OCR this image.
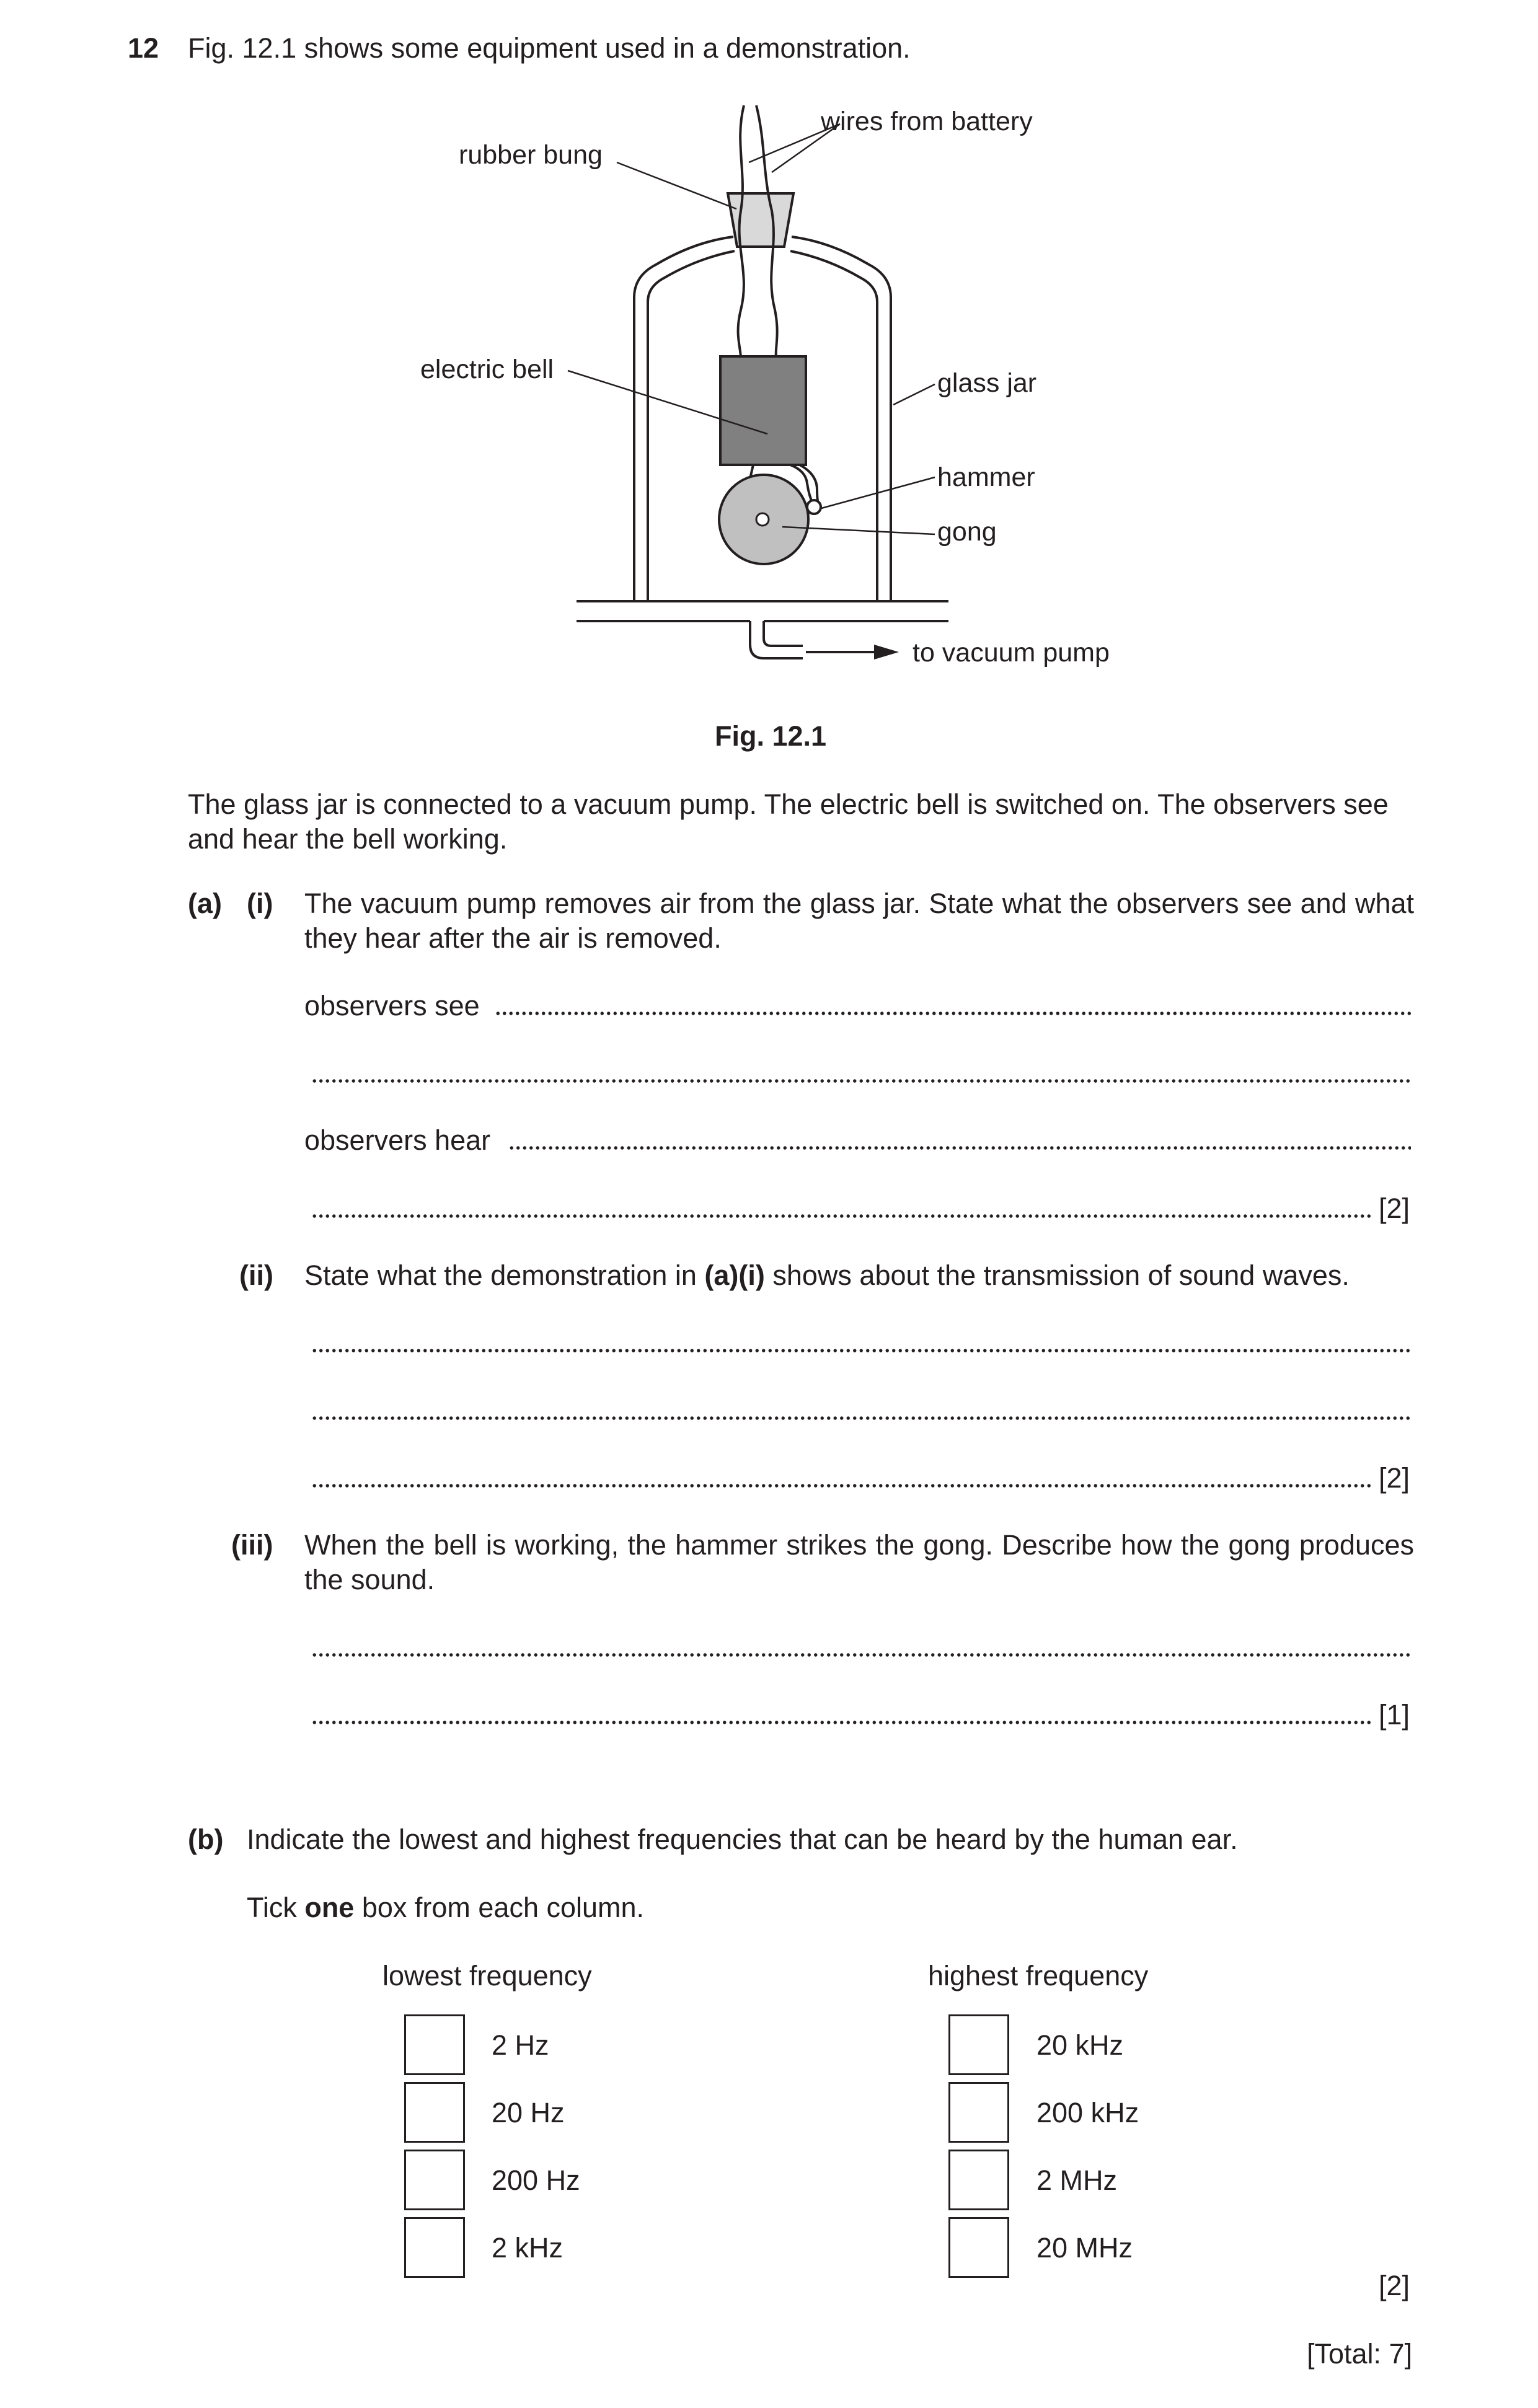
12 Fig. 12.1 shows some equipment used in a demonstration.
rubber bung
wires from battery
electric bell	glass jar
hammer
gong
to vacuum pump
Fig. 12.1
The glass jar is connected to a vacuum pump. The electric bell is switched on. The observers see and hear the bell working.
(a) (i) The vacuum pump removes air from the glass jar. State what the observers see and what they hear after the air is removed.
observers see
observers hear
[2]
(ii) State what the demonstration in (a)(i) shows about the transmission of sound waves.
[2]
(iii) When the bell is working, the hammer strikes the gong. Describe how the gong produces the sound.
[1]
(b) Indicate the lowest and highest frequencies that can be heard by the human ear.
Tick one box from each column.
lowest frequency	highest frequency
2 Hz
20 Hz
200 Hz
2 kHz
20 kHz
200 kHz
2 MHz
20 MHz
[2]
[Total: 7]
